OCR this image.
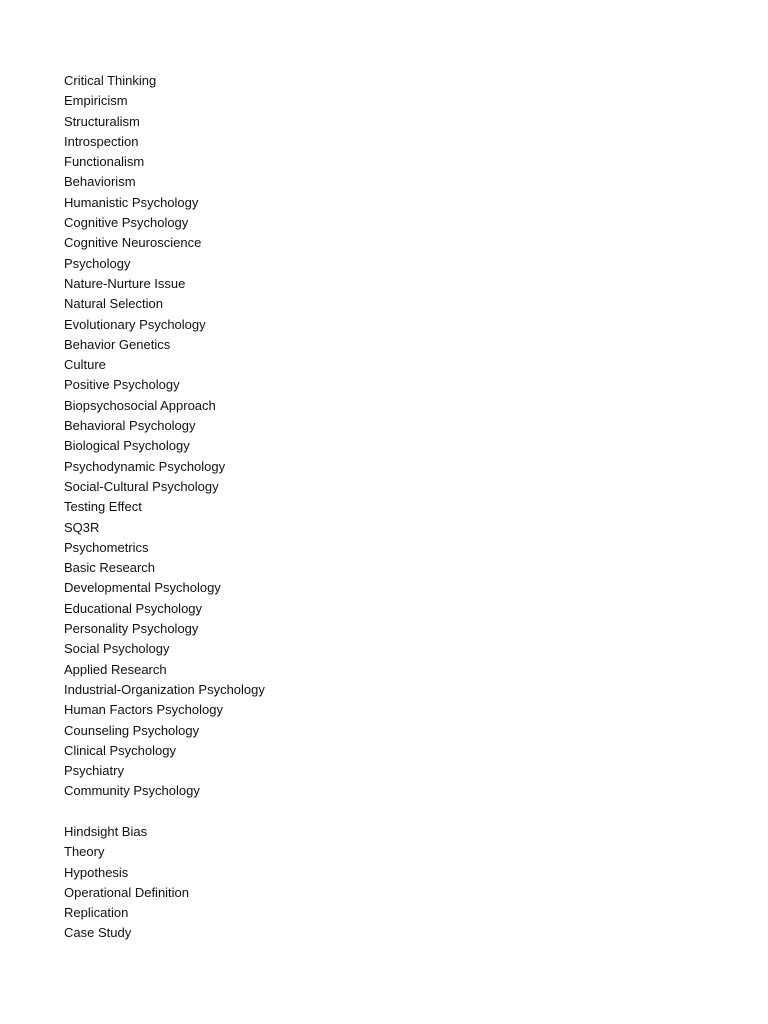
Critical Thinking
Empiricism
Structuralism
Introspection
Functionalism
Behaviorism
Humanistic Psychology
Cognitive Psychology
Cognitive Neuroscience
Psychology
Nature-Nurture Issue
Natural Selection
Evolutionary Psychology
Behavior Genetics
Culture
Positive Psychology
Biopsychosocial Approach
Behavioral Psychology
Biological Psychology
Psychodynamic Psychology
Social-Cultural Psychology
Testing Effect
SQ3R
Psychometrics
Basic Research
Developmental Psychology
Educational Psychology
Personality Psychology
Social Psychology
Applied Research
Industrial-Organization Psychology
Human Factors Psychology
Counseling Psychology
Clinical Psychology
Psychiatry
Community Psychology
Hindsight Bias
Theory
Hypothesis
Operational Definition
Replication
Case Study
